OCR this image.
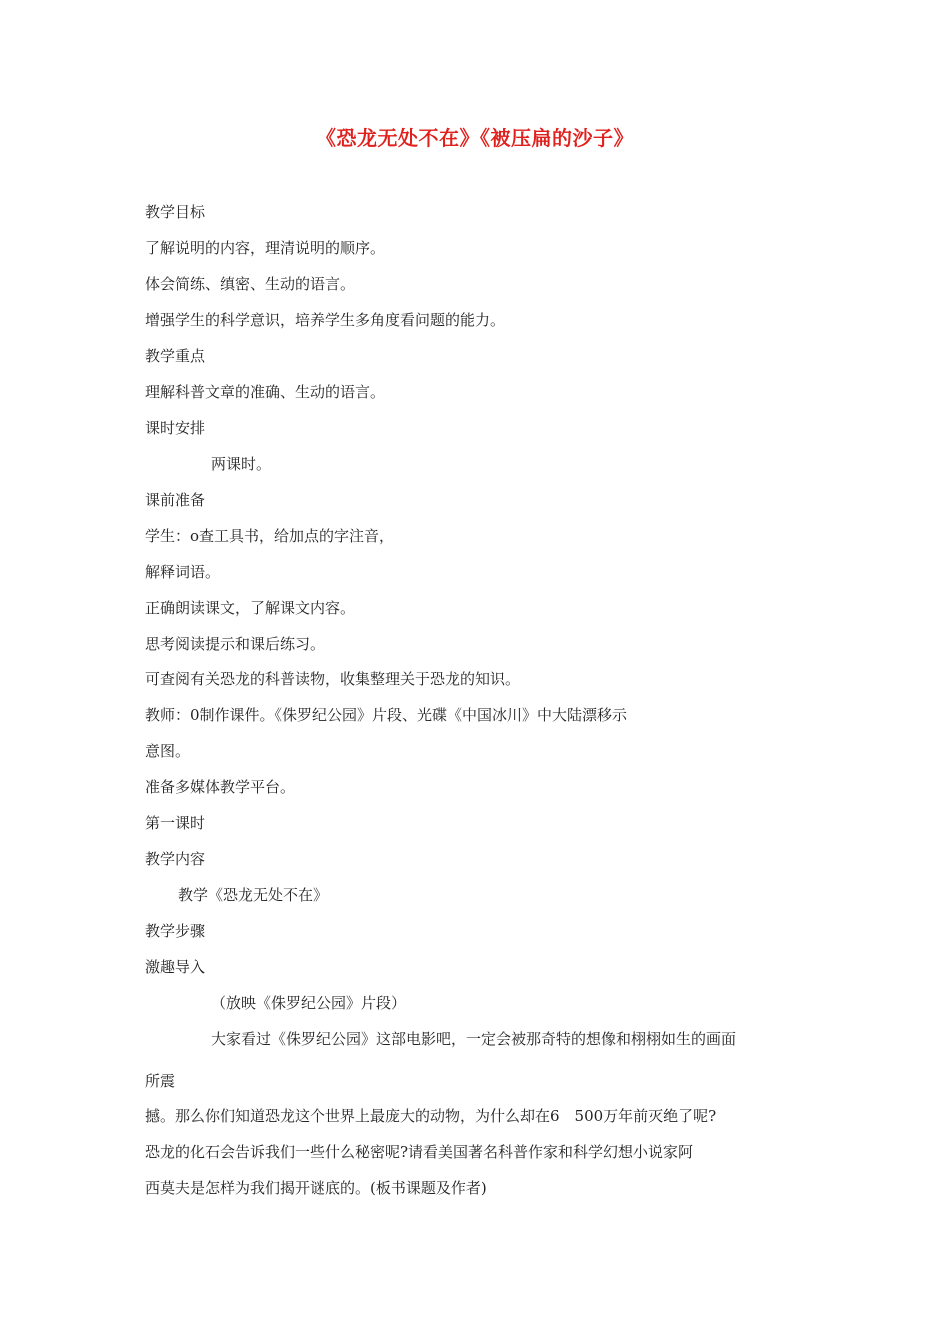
《恐龙无处不在》《被压扁的沙子》
教学目标
了解说明的内容，理清说明的顺序。
体会简练、缜密、生动的语言。
增强学生的科学意识，培养学生多角度看问题的能力。
教学重点
理解科普文章的准确、生动的语言。
课时安排
两课时。
课前准备
学生：ο查工具书，给加点的字注音，
解释词语。
正确朗读课文，了解课文内容。
思考阅读提示和课后练习。
可查阅有关恐龙的科普读物，收集整理关于恐龙的知识。
教师：0制作课件。《侏罗纪公园》片段、光碟《中国冰川》中大陆漂移示
意图。
准备多媒体教学平台。
第一课时
教学内容
教学《恐龙无处不在》
教学步骤
激趣导入
（放映《侏罗纪公园》片段）
大家看过《侏罗纪公园》这部电影吧，一定会被那奇特的想像和栩栩如生的画面
所震
撼。那么你们知道恐龙这个世界上最庞大的动物，为什么却在6　500万年前灭绝了呢?
恐龙的化石会告诉我们一些什么秘密呢?请看美国著名科普作家和科学幻想小说家阿
西莫夫是怎样为我们揭开谜底的。(板书课题及作者)
